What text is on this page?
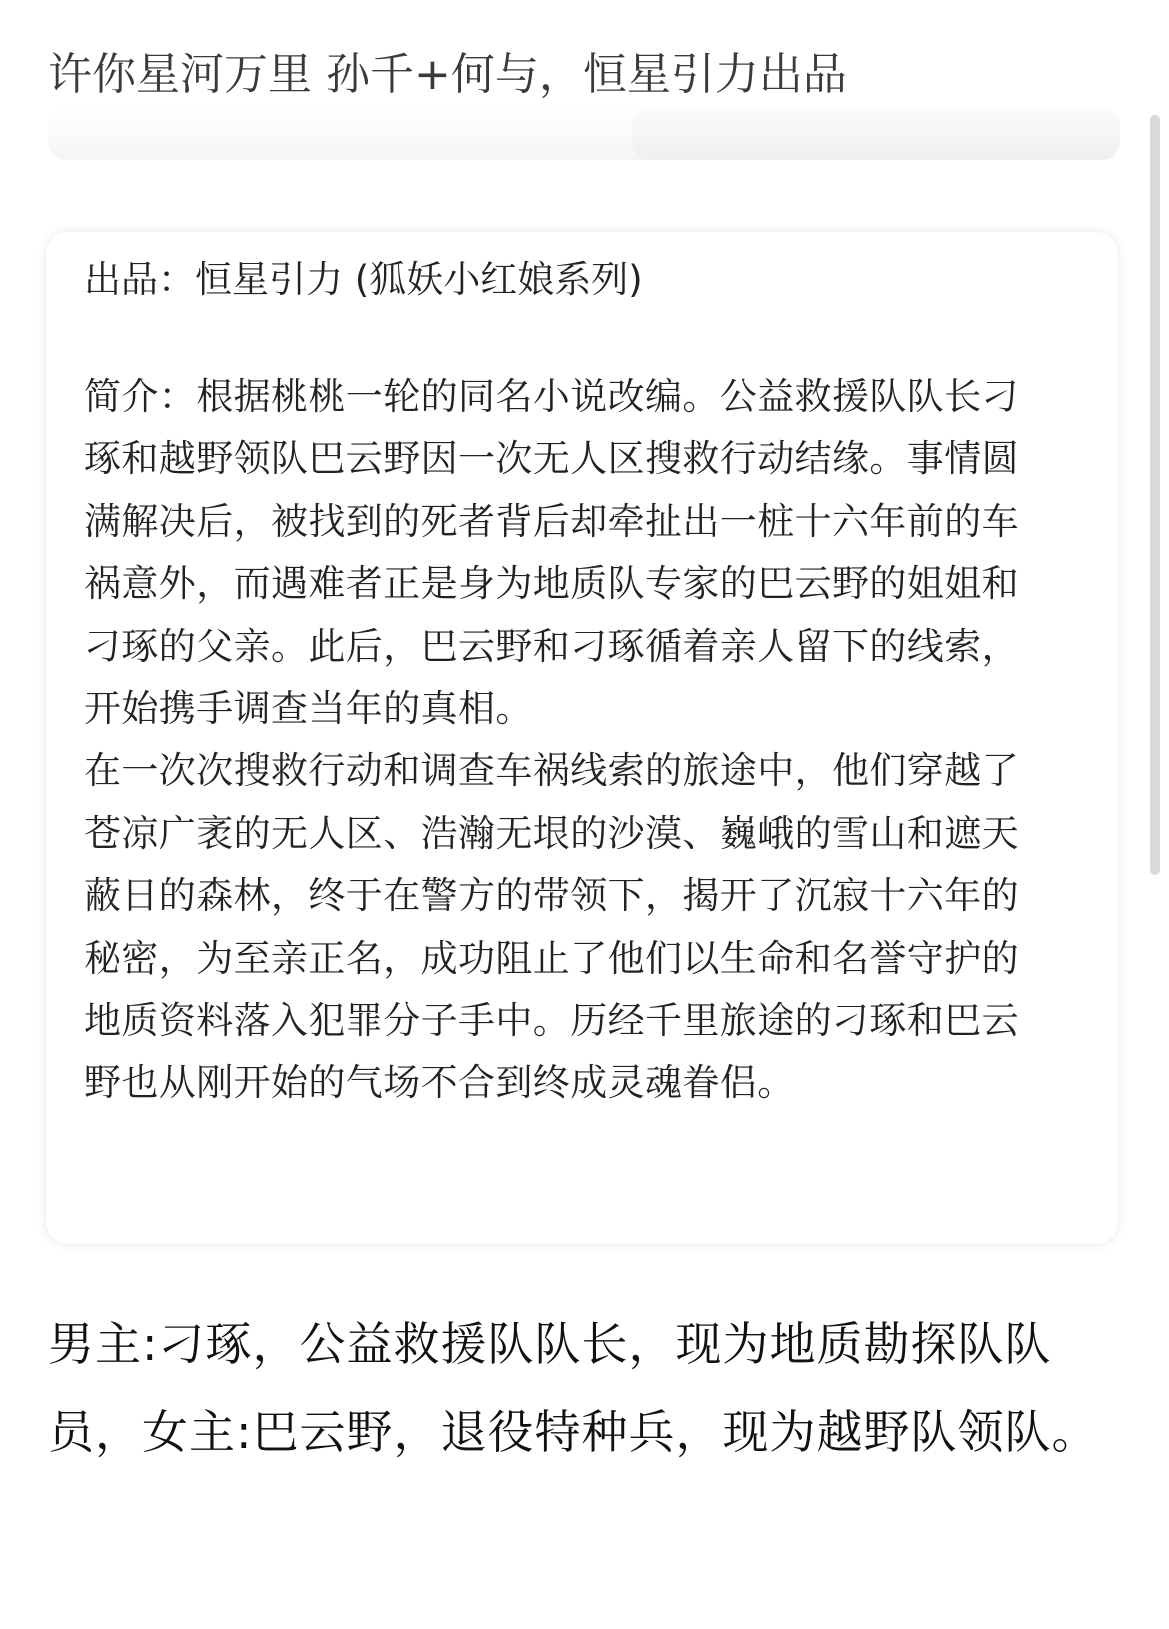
许你星河万里 孙千+何与，恒星引力出品
出品：恒星引力 (狐妖小红娘系列)
简介：根据桃桃一轮的同名小说改编。公益救援队队长刁琢和越野领队巴云野因一次无人区搜救行动结缘。事情圆满解决后，被找到的死者背后却牵扯出一桩十六年前的车祸意外，而遇难者正是身为地质队专家的巴云野的姐姐和刁琢的父亲。此后，巴云野和刁琢循着亲人留下的线索，开始携手调查当年的真相。
在一次次搜救行动和调查车祸线索的旅途中，他们穿越了苍凉广袤的无人区、浩瀚无垠的沙漠、巍峨的雪山和遮天蔽日的森林，终于在警方的带领下，揭开了沉寂十六年的秘密，为至亲正名，成功阻止了他们以生命和名誉守护的地质资料落入犯罪分子手中。历经千里旅途的刁琢和巴云野也从刚开始的气场不合到终成灵魂眷侣。
男主:刁琢，公益救援队队长，现为地质勘探队队员，女主:巴云野，退役特种兵，现为越野队领队。
